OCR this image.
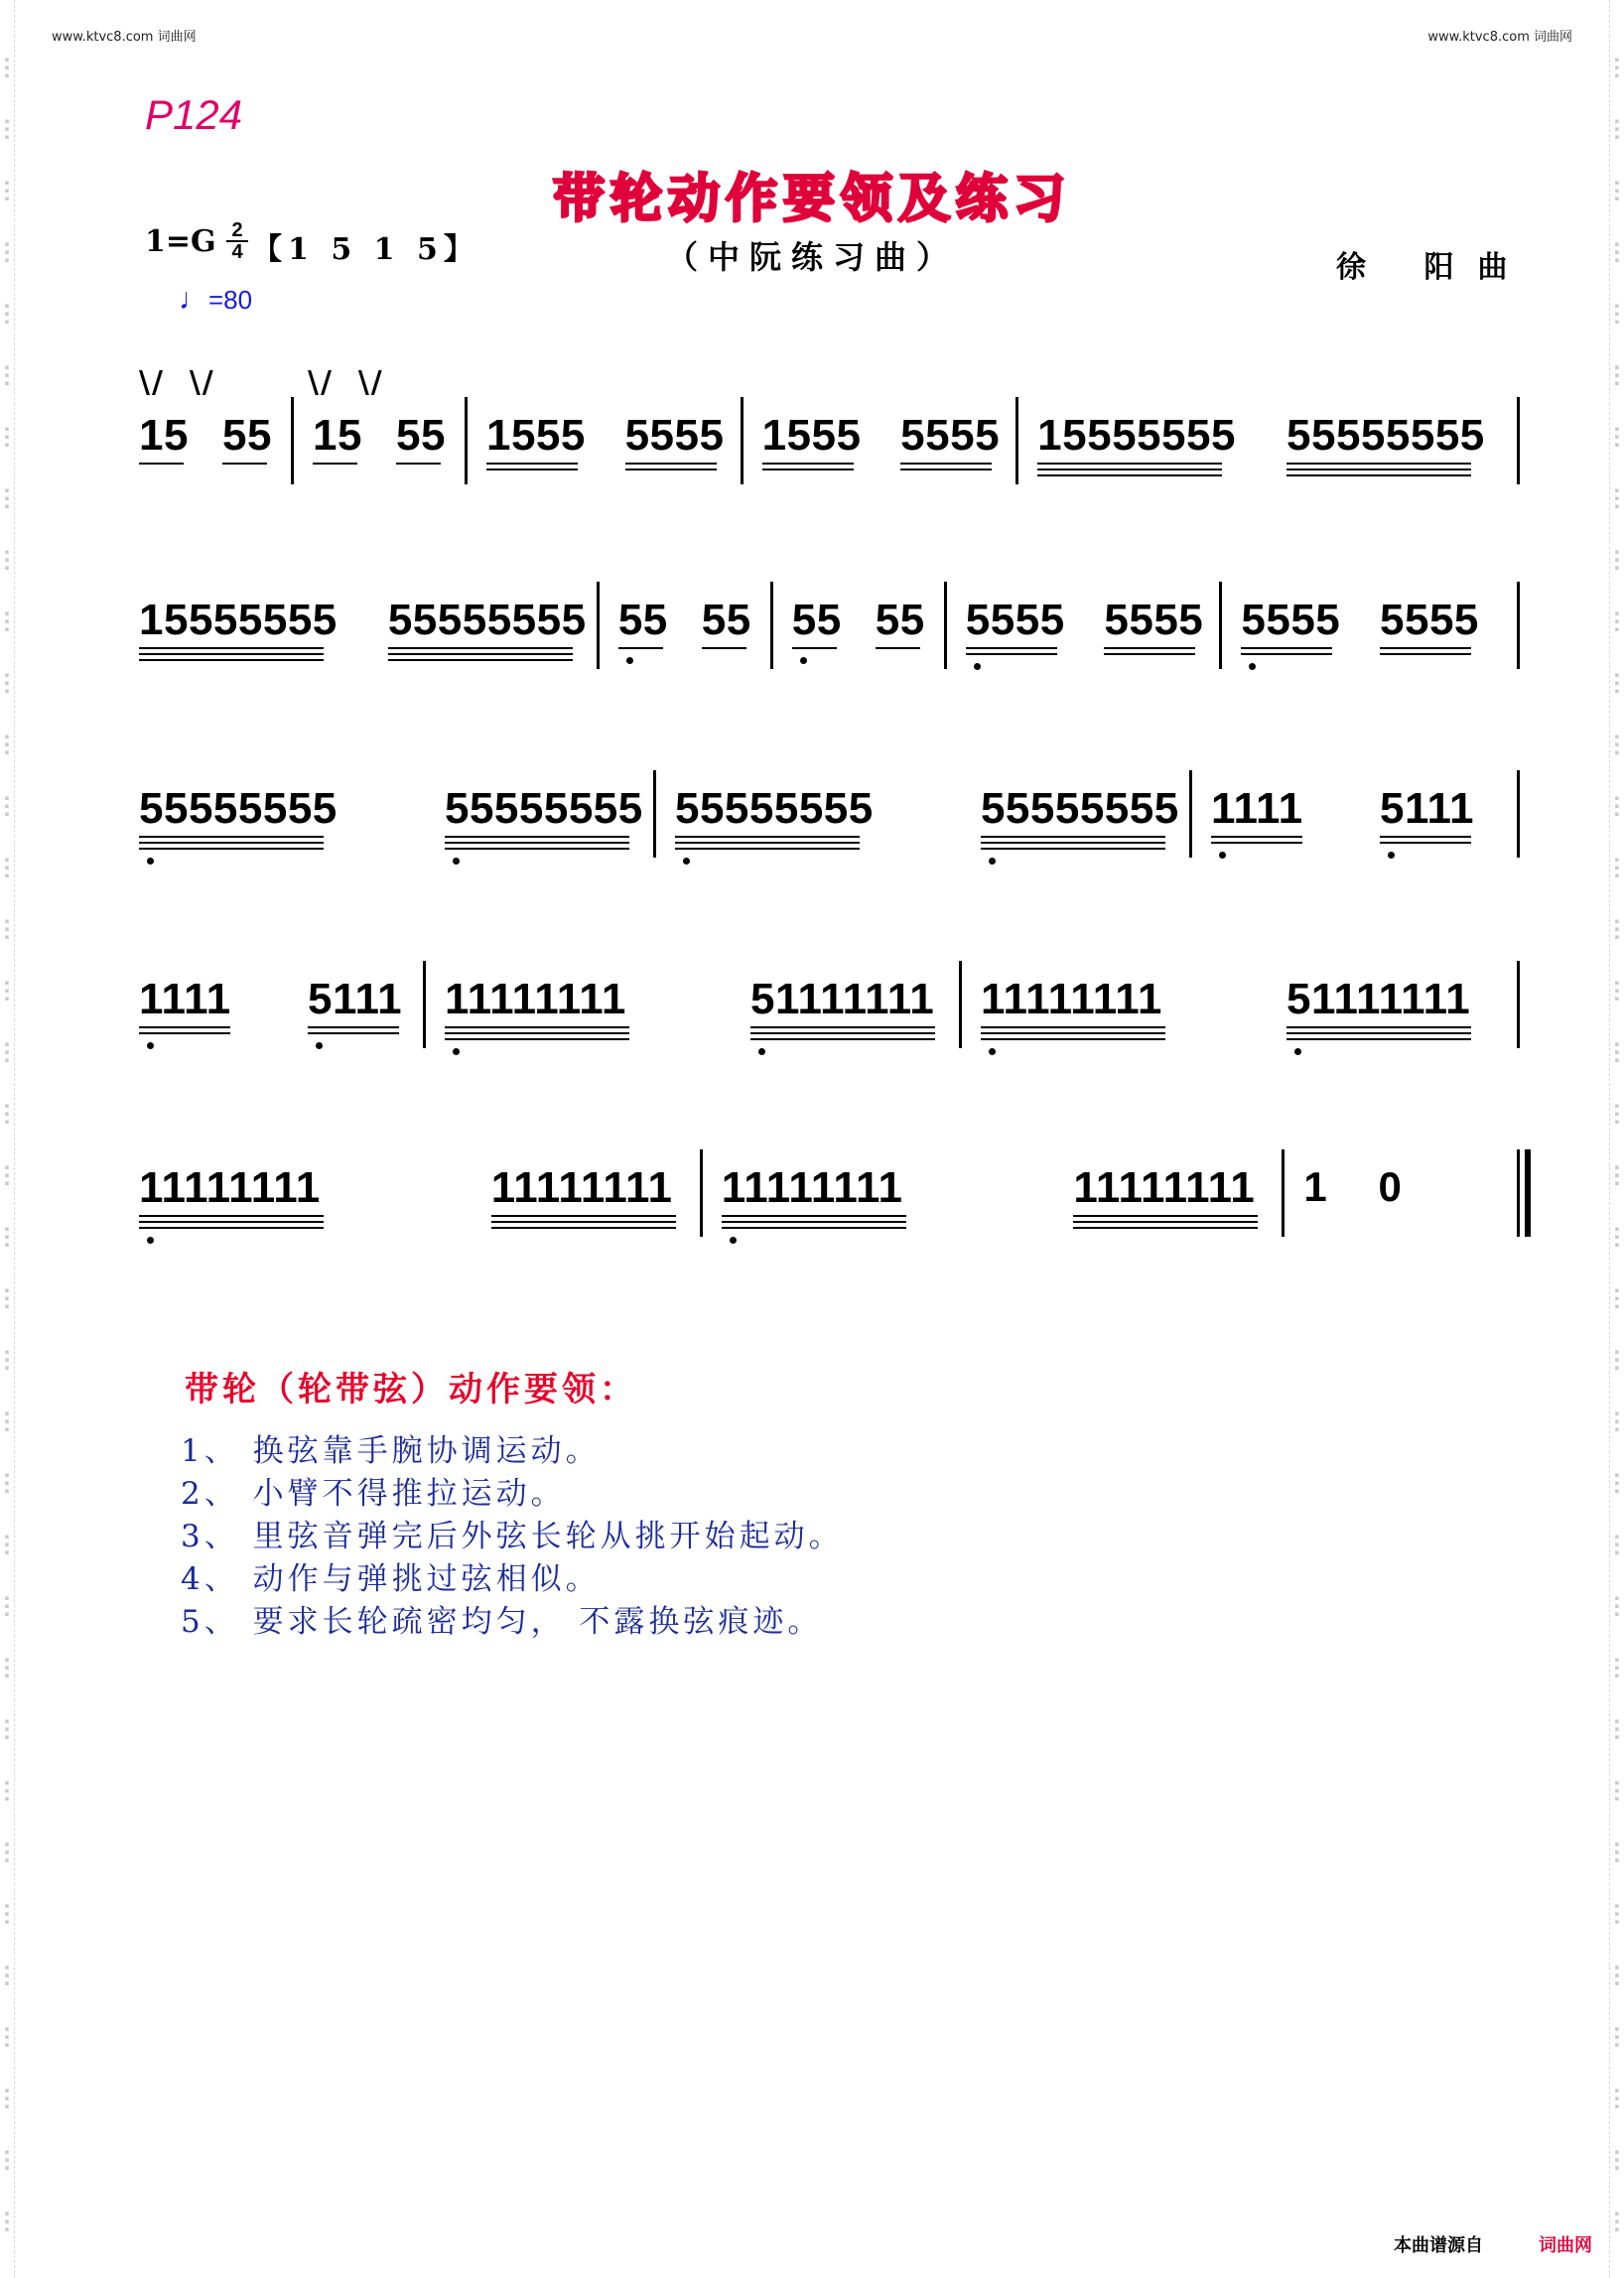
▪
▪
▪
▪
▪
▪
▪
▪
▪
▪
▪
▪
▪
▪
▪
▪
▪
▪
▪
▪
▪
▪
▪
▪
▪
▪
▪
▪
▪
▪
▪
▪
▪
▪
▪
▪
▪
▪
▪
▪
▪
▪
▪
▪
▪
▪
▪
▪
▪
▪
▪
▪
▪
▪
▪
▪
▪
▪
▪
▪
▪
▪
▪
▪
▪
▪
▪
▪
▪
▪
▪
▪
▪
▪
▪
▪
▪
▪
▪
▪
▪
▪
▪
▪
▪
▪
▪
▪
▪
▪
▪
▪
▪
▪
▪
▪
▪
▪
▪
▪
▪
▪
▪
▪
▪
▪
▪
▪
▪
▪
▪
▪
▪
▪
▪
▪
▪
▪
▪
▪
▪
▪
▪
▪
▪
▪
▪
▪
▪
▪
▪
▪
▪
▪
▪
▪
▪
▪
▪
▪
▪
▪
▪
▪
▪
▪
▪
▪
▪
▪
▪
▪
▪
▪
▪
▪
▪
▪
▪
▪
▪
▪
▪
▪
▪
▪
▪
▪
▪
▪
▪
▪
▪
▪
▪
▪
▪
▪
▪
▪
▪
▪
▪
▪
▪
▪
▪
▪
▪
▪
▪
▪
▪
▪
▪
▪
▪
▪
▪
▪
▪
▪
▪
▪
▪
▪
▪
▪
▪
▪
▪
▪
▪
▪
▪
▪
www.ktvc8.com 词曲网	www.ktvc8.com 词曲网
P124
带轮动作要领及练习
（中阮练习曲）	徐 阳曲
$1=G \frac{2}{4}$ 【1 5 1 5】
♩=80
\/ \/	\/ \/
15 55 15 55 1555 5555 1555 5555 15555555 55555555
15555555 55555555 55 55 55 55 5555 5555 5555 5555
55555555 55555555 55555555 55555555 1111 5111
1111 5111 11111111	51111111 11111111	51111111
11111111	11111111 11111111	11111111 1 0
带轮（轮带弦）动作要领：
1、 换弦靠手腕协调运动。
2、 小臂不得推拉运动。
3、 里弦音弹完后外弦长轮从挑开始起动。
4、 动作与弹挑过弦相似。
5、 要求长轮疏密均匀， 不露换弦痕迹。
本曲谱源自	词曲网
